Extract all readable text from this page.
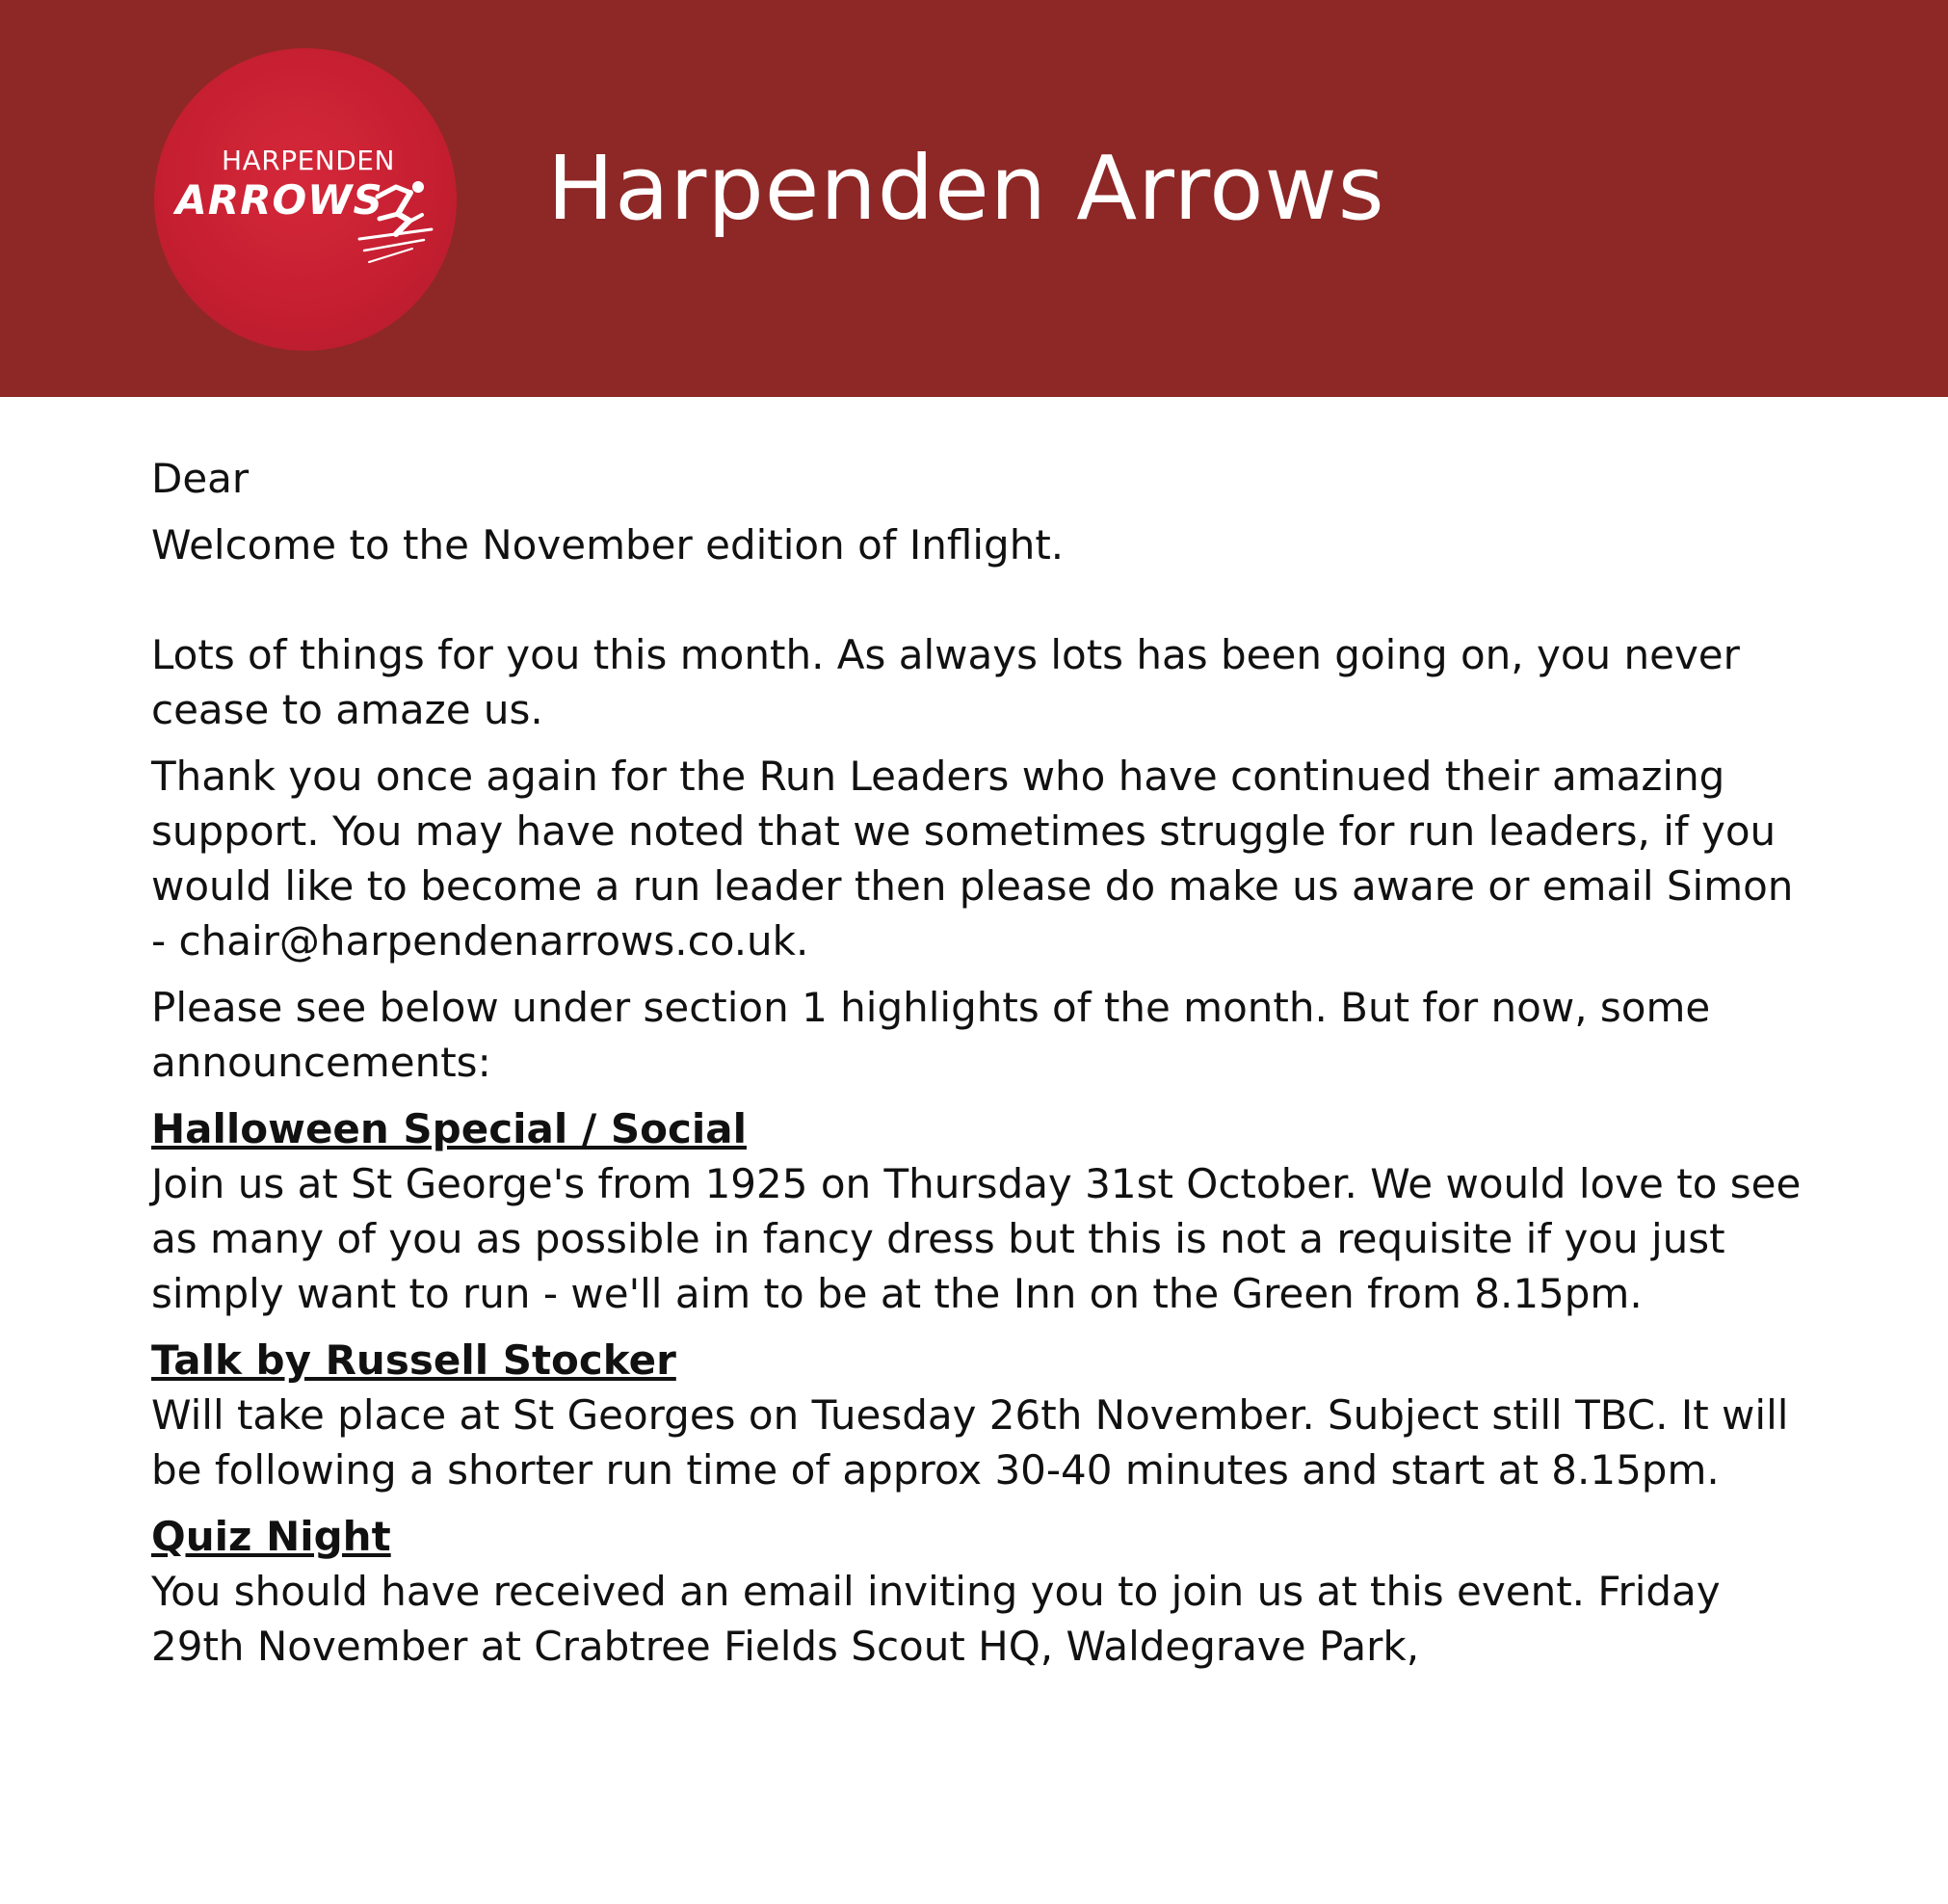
HARPENDEN
ARROWS Harpenden Arrows

Dear

Welcome to the November edition of Inflight.

Lots of things for you this month. As always lots has been going on, you never cease to amaze us.

Thank you once again for the Run Leaders who have continued their amazing support. You may have noted that we sometimes struggle for run leaders, if you would like to become a run leader then please do make us aware or email Simon - chair@harpendenarrows.co.uk.

Please see below under section 1 highlights of the month. But for now, some announcements:

Halloween Special / Social

Join us at St George's from 1925 on Thursday 31st October. We would love to see as many of you as possible in fancy dress but this is not a requisite if you just simply want to run - we'll aim to be at the Inn on the Green from 8.15pm.

Talk by Russell Stocker

Will take place at St Georges on Tuesday 26th November. Subject still TBC. It will be following a shorter run time of approx 30-40 minutes and start at 8.15pm.

Quiz Night

You should have received an email inviting you to join us at this event. Friday 29th November at Crabtree Fields Scout HQ, Waldegrave Park,
